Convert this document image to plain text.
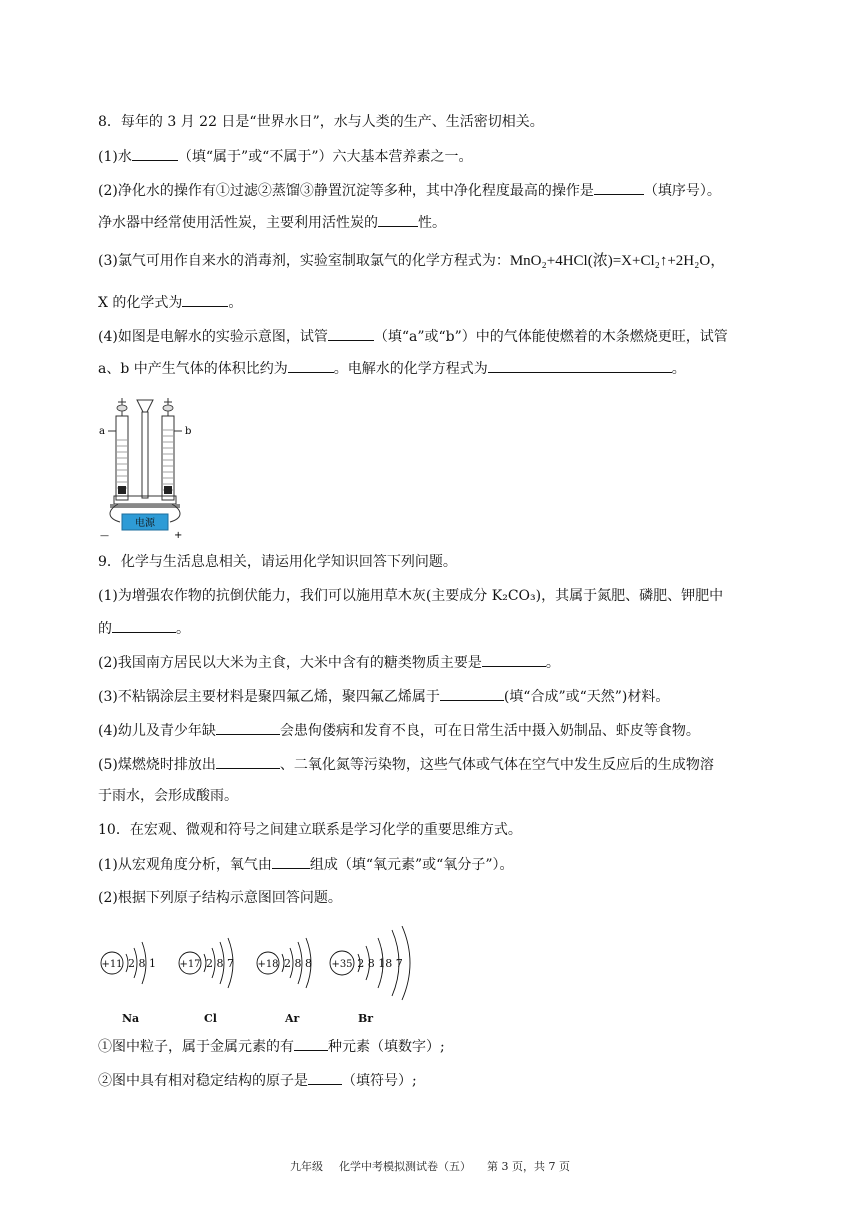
8．每年的 3 月 22 日是“世界水日”，水与人类的生产、生活密切相关。
(1)水	（填“属于”或“不属于”）六大基本营养素之一。
(2)净化水的操作有①过滤②蒸馏③静置沉淀等多种，其中净化程度最高的操作是	（填序号）。
净水器中经常使用活性炭，主要利用活性炭的	性。
(3)氯气可用作自来水的消毒剂，实验室制取氯气的化学方程式为：MnO₂+4HCl(浓)=X+Cl₂↑+2H₂O，
X 的化学式为	。
(4)如图是电解水的实验示意图，试管	（填“a”或“b”）中的气体能使燃着的木条燃烧更旺，试管
a、b 中产生气体的体积比约为	。电解水的化学方程式为	。
电源
a	b
—	+
9．化学与生活息息相关，请运用化学知识回答下列问题。
(1)为增强农作物的抗倒伏能力，我们可以施用草木灰(主要成分 K₂CO₃)，其属于氮肥、磷肥、钾肥中
的	。
(2)我国南方居民以大米为主食，大米中含有的糖类物质主要是	。
(3)不粘锅涂层主要材料是聚四氟乙烯，聚四氟乙烯属于	(填“合成”或“天然”)材料。
(4)幼儿及青少年缺	会患佝偻病和发育不良，可在日常生活中摄入奶制品、虾皮等食物。
(5)煤燃烧时排放出	、二氧化氮等污染物，这些气体或气体在空气中发生反应后的生成物溶
于雨水，会形成酸雨。
10．在宏观、微观和符号之间建立联系是学习化学的重要思维方式。
(1)从宏观角度分析，氧气由	组成（填“氧元素”或“氧分子”）。
(2)根据下列原子结构示意图回答问题。
+11 2 8 1 +17 2 8 7 +18 2 8 8 +35 2 8 18 7
Na	Cl	Ar	Br
①图中粒子，属于金属元素的有 种元素（填数字）;
②图中具有相对稳定结构的原子是 （填符号）;
九年级 化学中考模拟测试卷（五） 第 3 页，共 7 页
